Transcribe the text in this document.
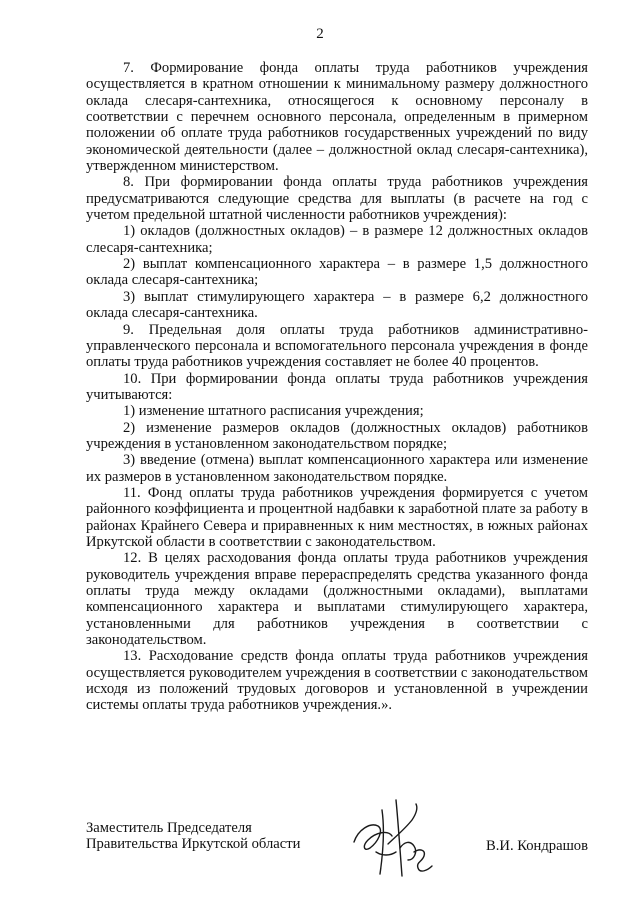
2

7. Формирование фонда оплаты труда работников учреждения осуществляется в кратном отношении к минимальному размеру должностного оклада слесаря-сантехника, относящегося к основному персоналу в соответствии с перечнем основного персонала, определенным в примерном положении об оплате труда работников государственных учреждений по виду экономической деятельности (далее – должностной оклад слесаря-сантехника), утвержденном министерством.

8. При формировании фонда оплаты труда работников учреждения предусматриваются следующие средства для выплаты (в расчете на год с учетом предельной штатной численности работников учреждения):

1) окладов (должностных окладов) – в размере 12 должностных окладов слесаря-сантехника;

2) выплат компенсационного характера – в размере 1,5 должностного оклада слесаря-сантехника;

3) выплат стимулирующего характера – в размере 6,2 должностного оклада слесаря-сантехника.

9. Предельная доля оплаты труда работников административно-управленческого персонала и вспомогательного персонала учреждения в фонде оплаты труда работников учреждения составляет не более 40 процентов.

10. При формировании фонда оплаты труда работников учреждения учитываются:

1) изменение штатного расписания учреждения;

2) изменение размеров окладов (должностных окладов) работников учреждения в установленном законодательством порядке;

3) введение (отмена) выплат компенсационного характера или изменение их размеров в установленном законодательством порядке.

11. Фонд оплаты труда работников учреждения формируется с учетом районного коэффициента и процентной надбавки к заработной плате за работу в районах Крайнего Севера и приравненных к ним местностях, в южных районах Иркутской области в соответствии с законодательством.

12. В целях расходования фонда оплаты труда работников учреждения руководитель учреждения вправе перераспределять средства указанного фонда оплаты труда между окладами (должностными окладами), выплатами компенсационного характера и выплатами стимулирующего характера, установленными для работников учреждения в соответствии с законодательством.

13. Расходование средств фонда оплаты труда работников учреждения осуществляется руководителем учреждения в соответствии с законодательством исходя из положений трудовых договоров и установленной в учреждении системы оплаты труда работников учреждения.».

Заместитель Председателя
Правительства Иркутской области	В.И. Кондрашов
